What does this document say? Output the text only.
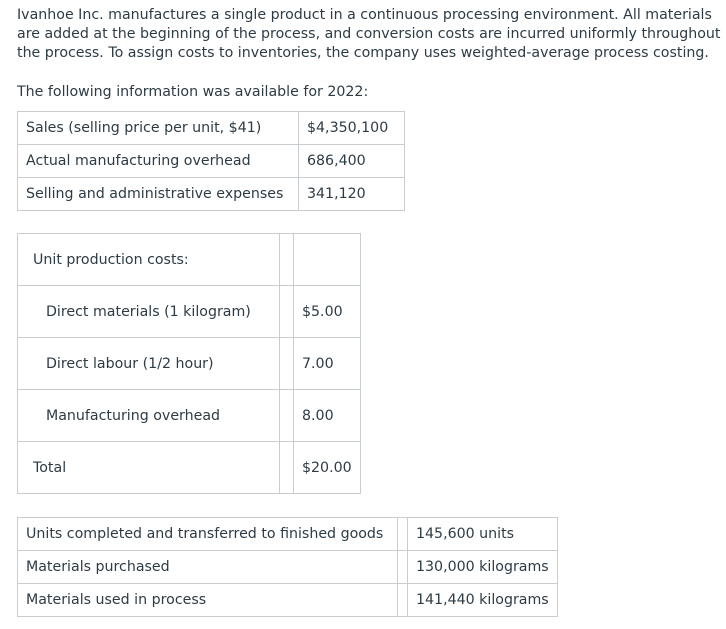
Ivanhoe Inc. manufactures a single product in a continuous processing environment. All materials are added at the beginning of the process, and conversion costs are incurred uniformly throughout the process. To assign costs to inventories, the company uses weighted-average process costing.

The following information was available for 2022:

Sales (selling price per unit, $41)	$4,350,100
Actual manufacturing overhead	686,400
Selling and administrative expenses	341,120
Unit production costs:		
Direct materials (1 kilogram)		$5.00
Direct labour (1/2 hour)		7.00
Manufacturing overhead		8.00
Total		$20.00
Units completed and transferred to finished goods		145,600 units
Materials purchased		130,000 kilograms
Materials used in process		141,440 kilograms
